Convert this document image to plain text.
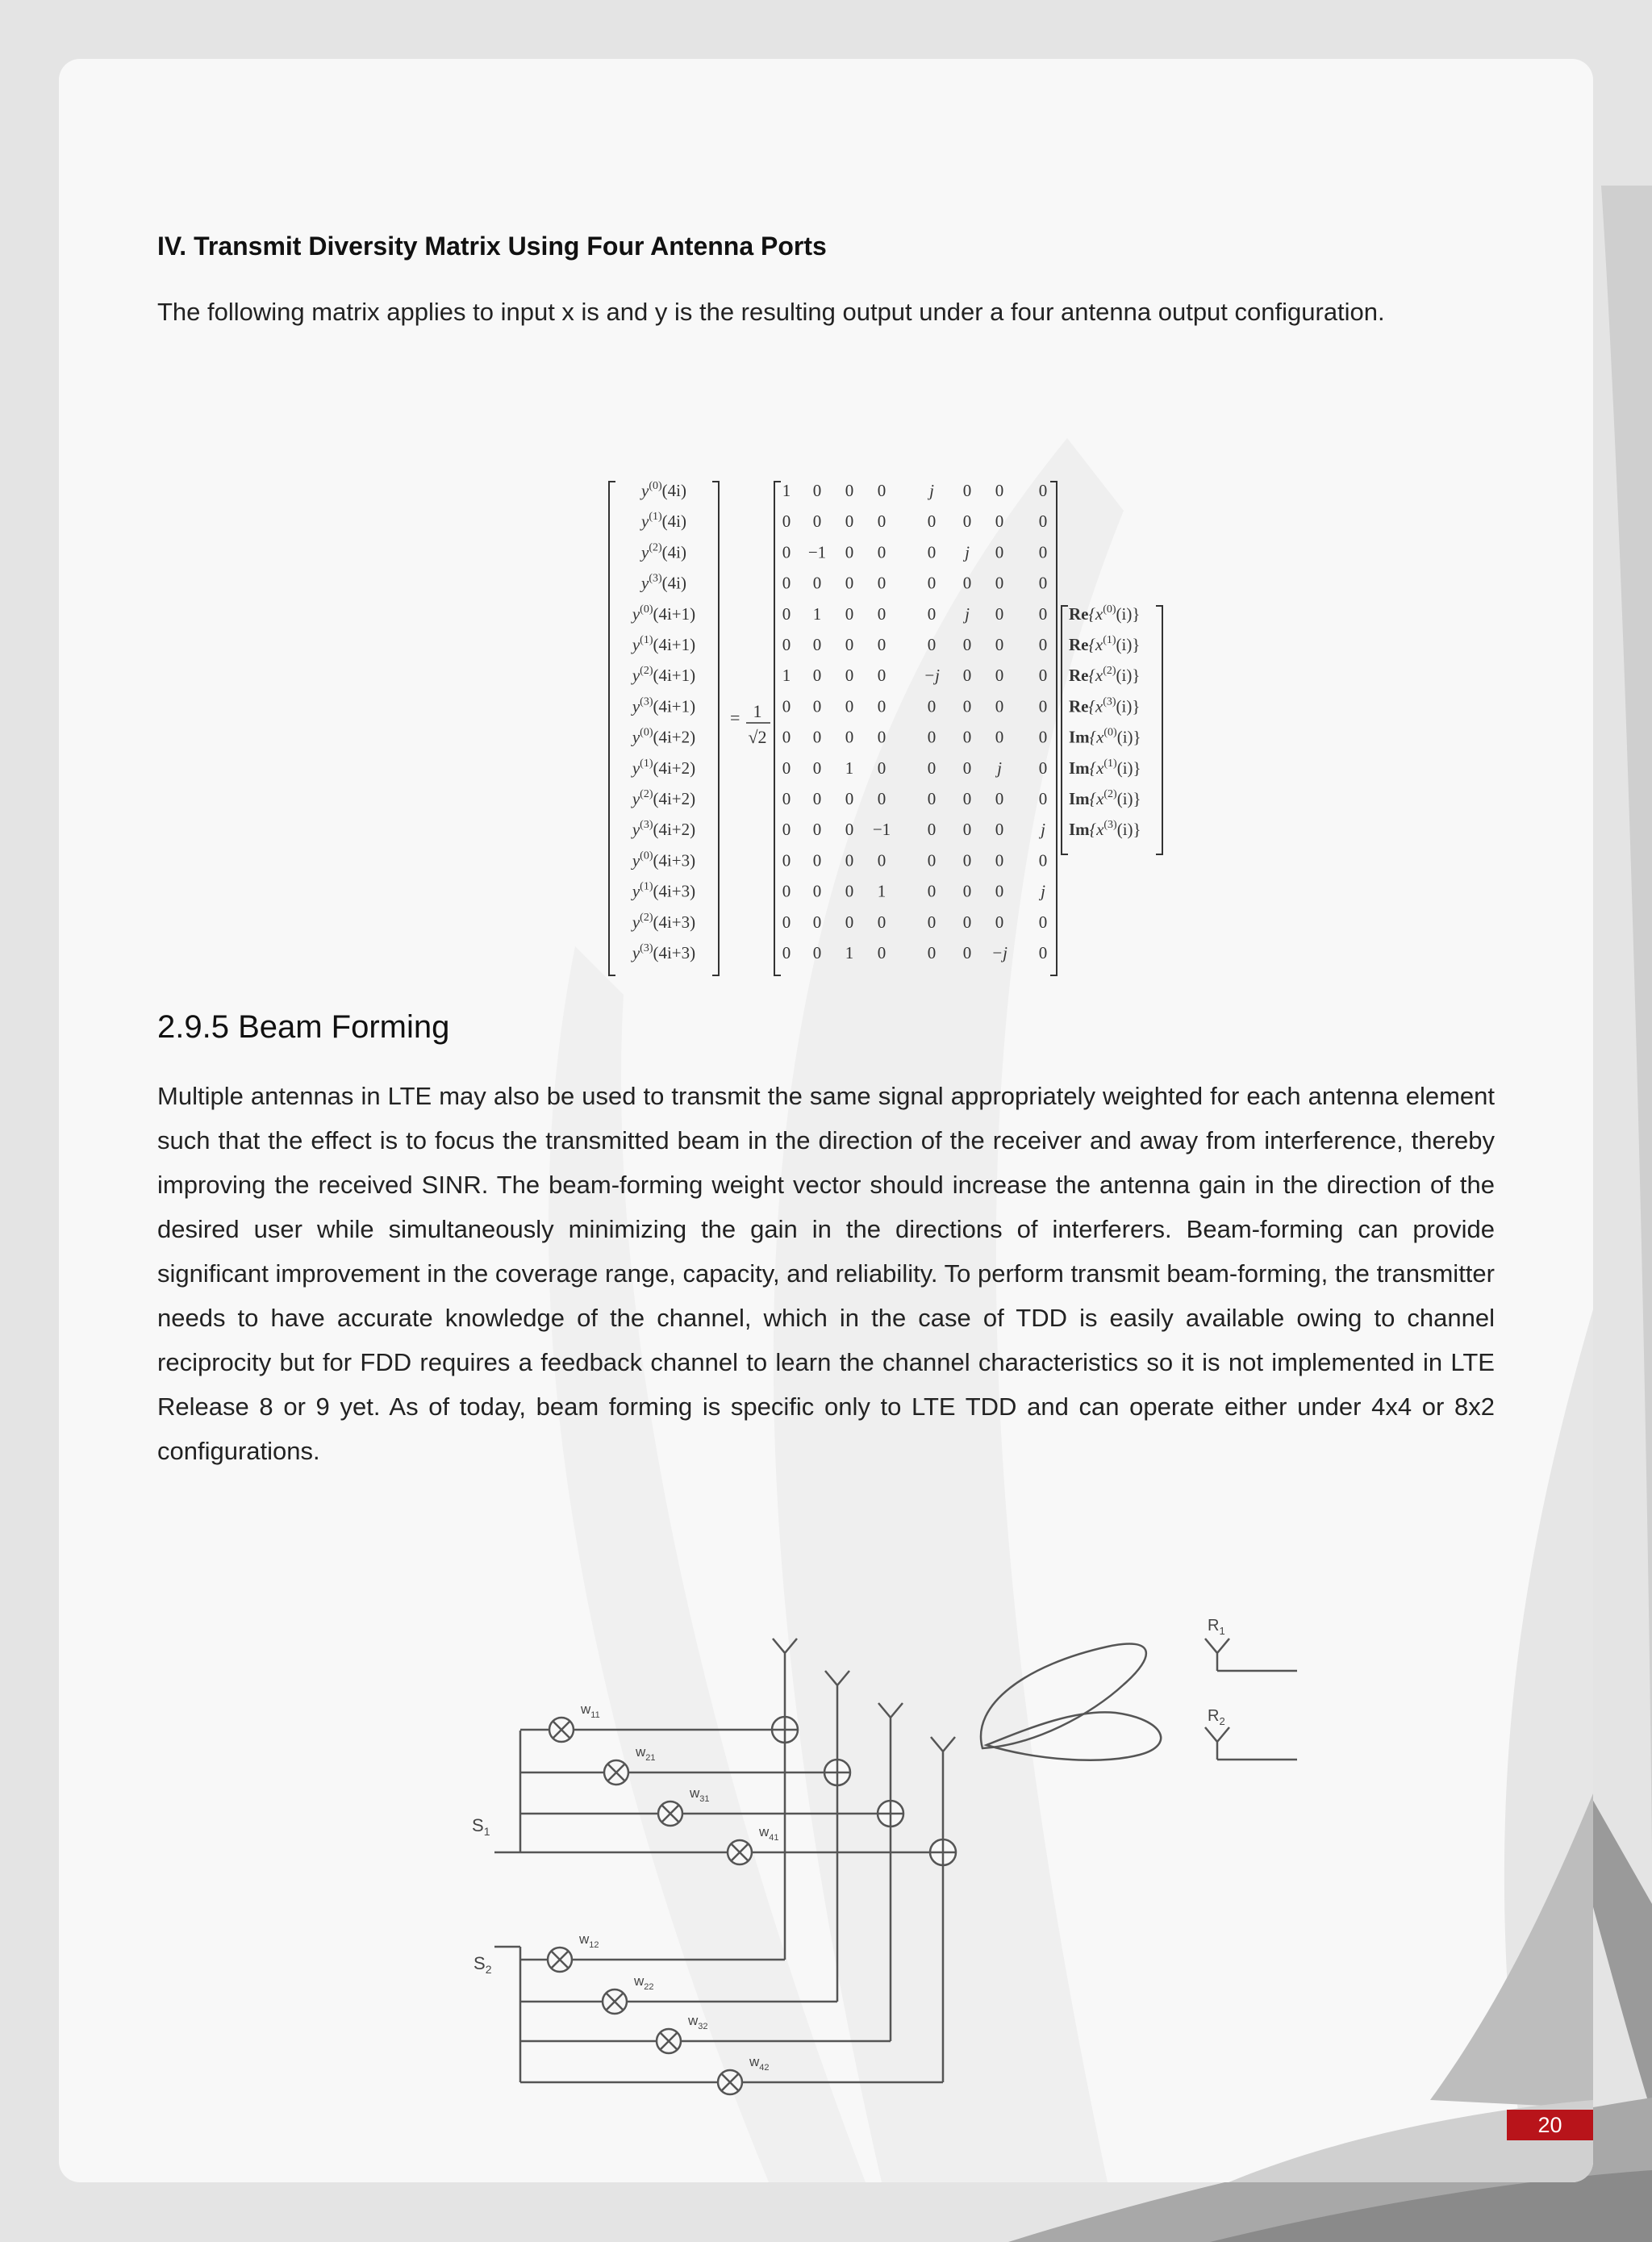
IV. Transmit Diversity Matrix Using Four Antenna Ports

The following matrix applies to input x is and y is the resulting output under a four antenna output configuration.

$y^{(0)}(4i)$
$y^{(1)}(4i)$
$y^{(2)}(4i)$
$y^{(3)}(4i)$
$y^{(0)}(4i+1)$
$y^{(1)}(4i+1)$
$y^{(2)}(4i+1)$
$y^{(3)}(4i+1)$
$y^{(0)}(4i+2)$
$y^{(1)}(4i+2)$
$y^{(2)}(4i+2)$
$y^{(3)}(4i+2)$
$y^{(0)}(4i+3)$
$y^{(1)}(4i+3)$
$y^{(2)}(4i+3)$
$y^{(3)}(4i+3)$
= 1
√2
1 0 0 0	j 0 0 0
0 0 0 0 0 0 0 0
0 −1 0 0 0 j 0 0
0 0 0 0 0 0 0 0
0 1 0 0 0 j 0 0
0 0 0 0 0 0 0 0
1 0 0 0 −j 0 0 0
0 0 0 0 0 0 0 0
0 0 0 0 0 0 0 0
0 0 1 0 0 0 j 0
0 0 0 0 0 0 0 0
0 0 0 −1 0 0 0 j
0 0 0 0 0 0 0 0
0 0 0 1 0 0 0 j
0 0 0 0 0 0 0 0
0 0 1 0 0 0 −j 0
$Re\{x^{(0)}(i)\}$
$Re\{x^{(1)}(i)\}$
$Re\{x^{(2)}(i)\}$
$Re\{x^{(3)}(i)\}$
$Im\{x^{(0)}(i)\}$
$Im\{x^{(1)}(i)\}$
$Im\{x^{(2)}(i)\}$
$Im\{x^{(3)}(i)\}$
2.9.5 Beam Forming

Multiple antennas in LTE may also be used to transmit the same signal appropriately weighted for each antenna element such that the effect is to focus the transmitted beam in the direction of the receiver and away from interference, thereby improving the received SINR. The beam-forming weight vector should increase the antenna gain in the direction of the desired user while simultaneously minimizing the gain in the directions of interferers. Beam-forming can provide significant improvement in the coverage range, capacity, and reliability. To perform transmit beam-forming, the transmitter needs to have accurate knowledge of the channel, which in the case of TDD is easily available owing to channel reciprocity but for FDD requires a feedback channel to learn the channel characteristics so it is not implemented in LTE Release 8 or 9 yet. As of today, beam forming is specific only to LTE TDD and can operate either under 4x4 or 8x2 configurations.

$w_{11}$
$w_{21}$
$w_{31}$
$w_{41}$
$w_{12}$
$w_{22}$
$w_{32}$
$w_{42}$
$S_1$
$S_2$
$R_1$
$R_2$
20
